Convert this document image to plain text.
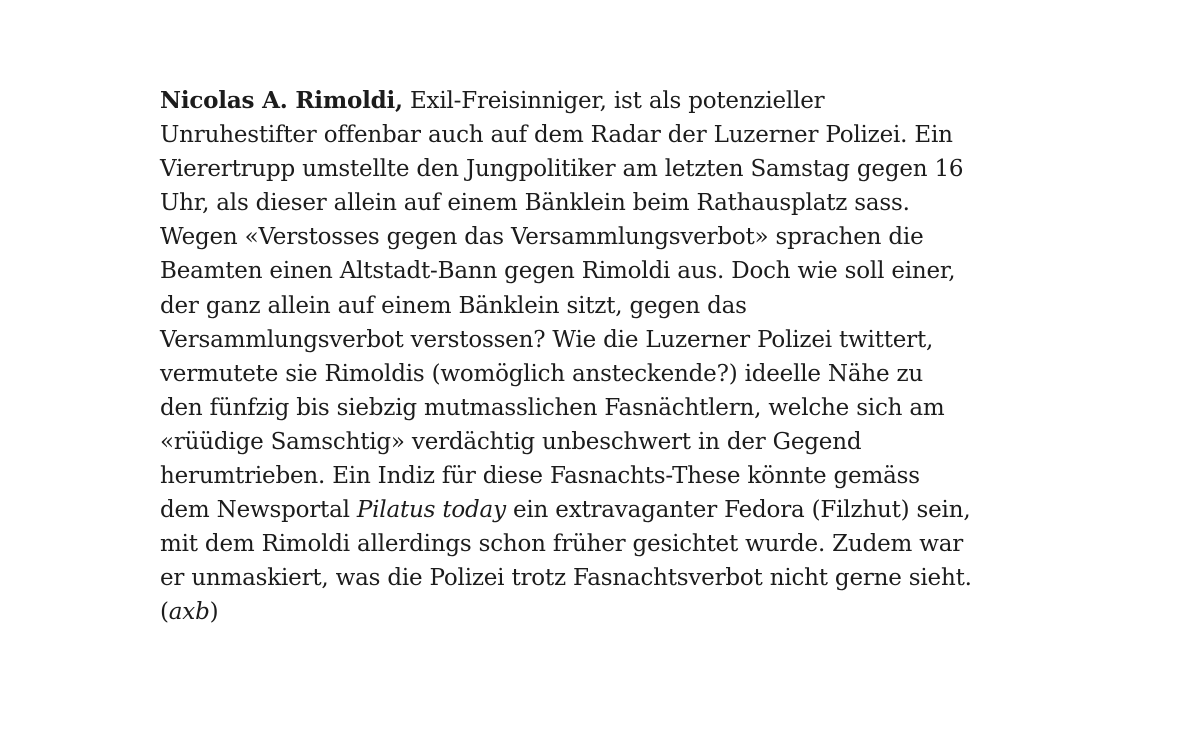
Nicolas A. Rimoldi, Exil-Freisinniger, ist als potenzieller
Unruhestifter offenbar auch auf dem Radar der Luzerner Polizei. Ein
Vierertrupp umstellte den Jungpolitiker am letzten Samstag gegen 16
Uhr, als dieser allein auf einem Bänklein beim Rathausplatz sass.
Wegen «Verstosses gegen das Versammlungsverbot» sprachen die
Beamten einen Altstadt-Bann gegen Rimoldi aus. Doch wie soll einer,
der ganz allein auf einem Bänklein sitzt, gegen das
Versammlungsverbot verstossen? Wie die Luzerner Polizei twittert,
vermutete sie Rimoldis (womöglich ansteckende?) ideelle Nähe zu
den fünfzig bis siebzig mutmasslichen Fasnächtlern, welche sich am
«rüüdige Samschtig» verdächtig unbeschwert in der Gegend
herumtrieben. Ein Indiz für diese Fasnachts-These könnte gemäss
dem Newsportal Pilatus today ein extravaganter Fedora (Filzhut) sein,
mit dem Rimoldi allerdings schon früher gesichtet wurde. Zudem war
er unmaskiert, was die Polizei trotz Fasnachtsverbot nicht gerne sieht.
(axb)
